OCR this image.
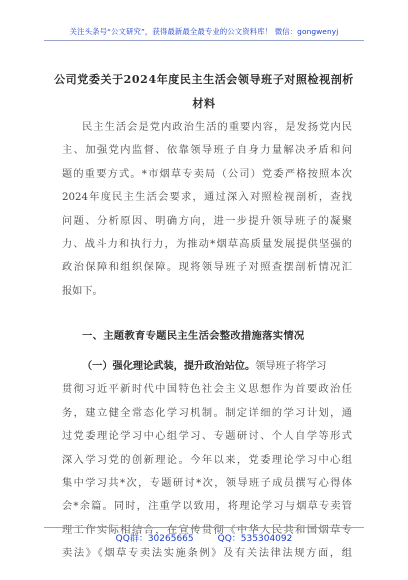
关注头条号“公文研究”，获得最新最全最专业的公文资料库！ 微信：gongwenyj
公司党委关于2024年度民主生活会领导班子对照检视剖析
材料
民主生活会是党内政治生活的重要内容，是发扬党内民
主、加强党内监督、依靠领导班子自身力量解决矛盾和问
题的重要方式。*市烟草专卖局（公司）党委严格按照本次
2024年度民主生活会要求，通过深入对照检视剖析，查找
问题、分析原因、明确方向，进一步提升领导班子的凝聚
力、战斗力和执行力，为推动*烟草高质量发展提供坚强的
政治保障和组织保障。现将领导班子对照查摆剖析情况汇
报如下。
一、主题教育专题民主生活会整改措施落实情况
（一）强化理论武装，提升政治站位。领导班子将学习
贯彻习近平新时代中国特色社会主义思想作为首要政治任
务，建立健全常态化学习机制。制定详细的学习计划，通
过党委理论学习中心组学习、专题研讨、个人自学等形式
深入学习党的创新理论。今年以来，党委理论学习中心组
集中学习共*次，专题研讨*次，领导班子成员撰写心得体
会*余篇。同时，注重学以致用，将理论学习与烟草专卖管
理工作实际相结合，在宣传贯彻《中华人民共和国烟草专
卖法》《烟草专卖法实施条例》及有关法律法规方面，组
QQ群：30265665	QQ：535304092
